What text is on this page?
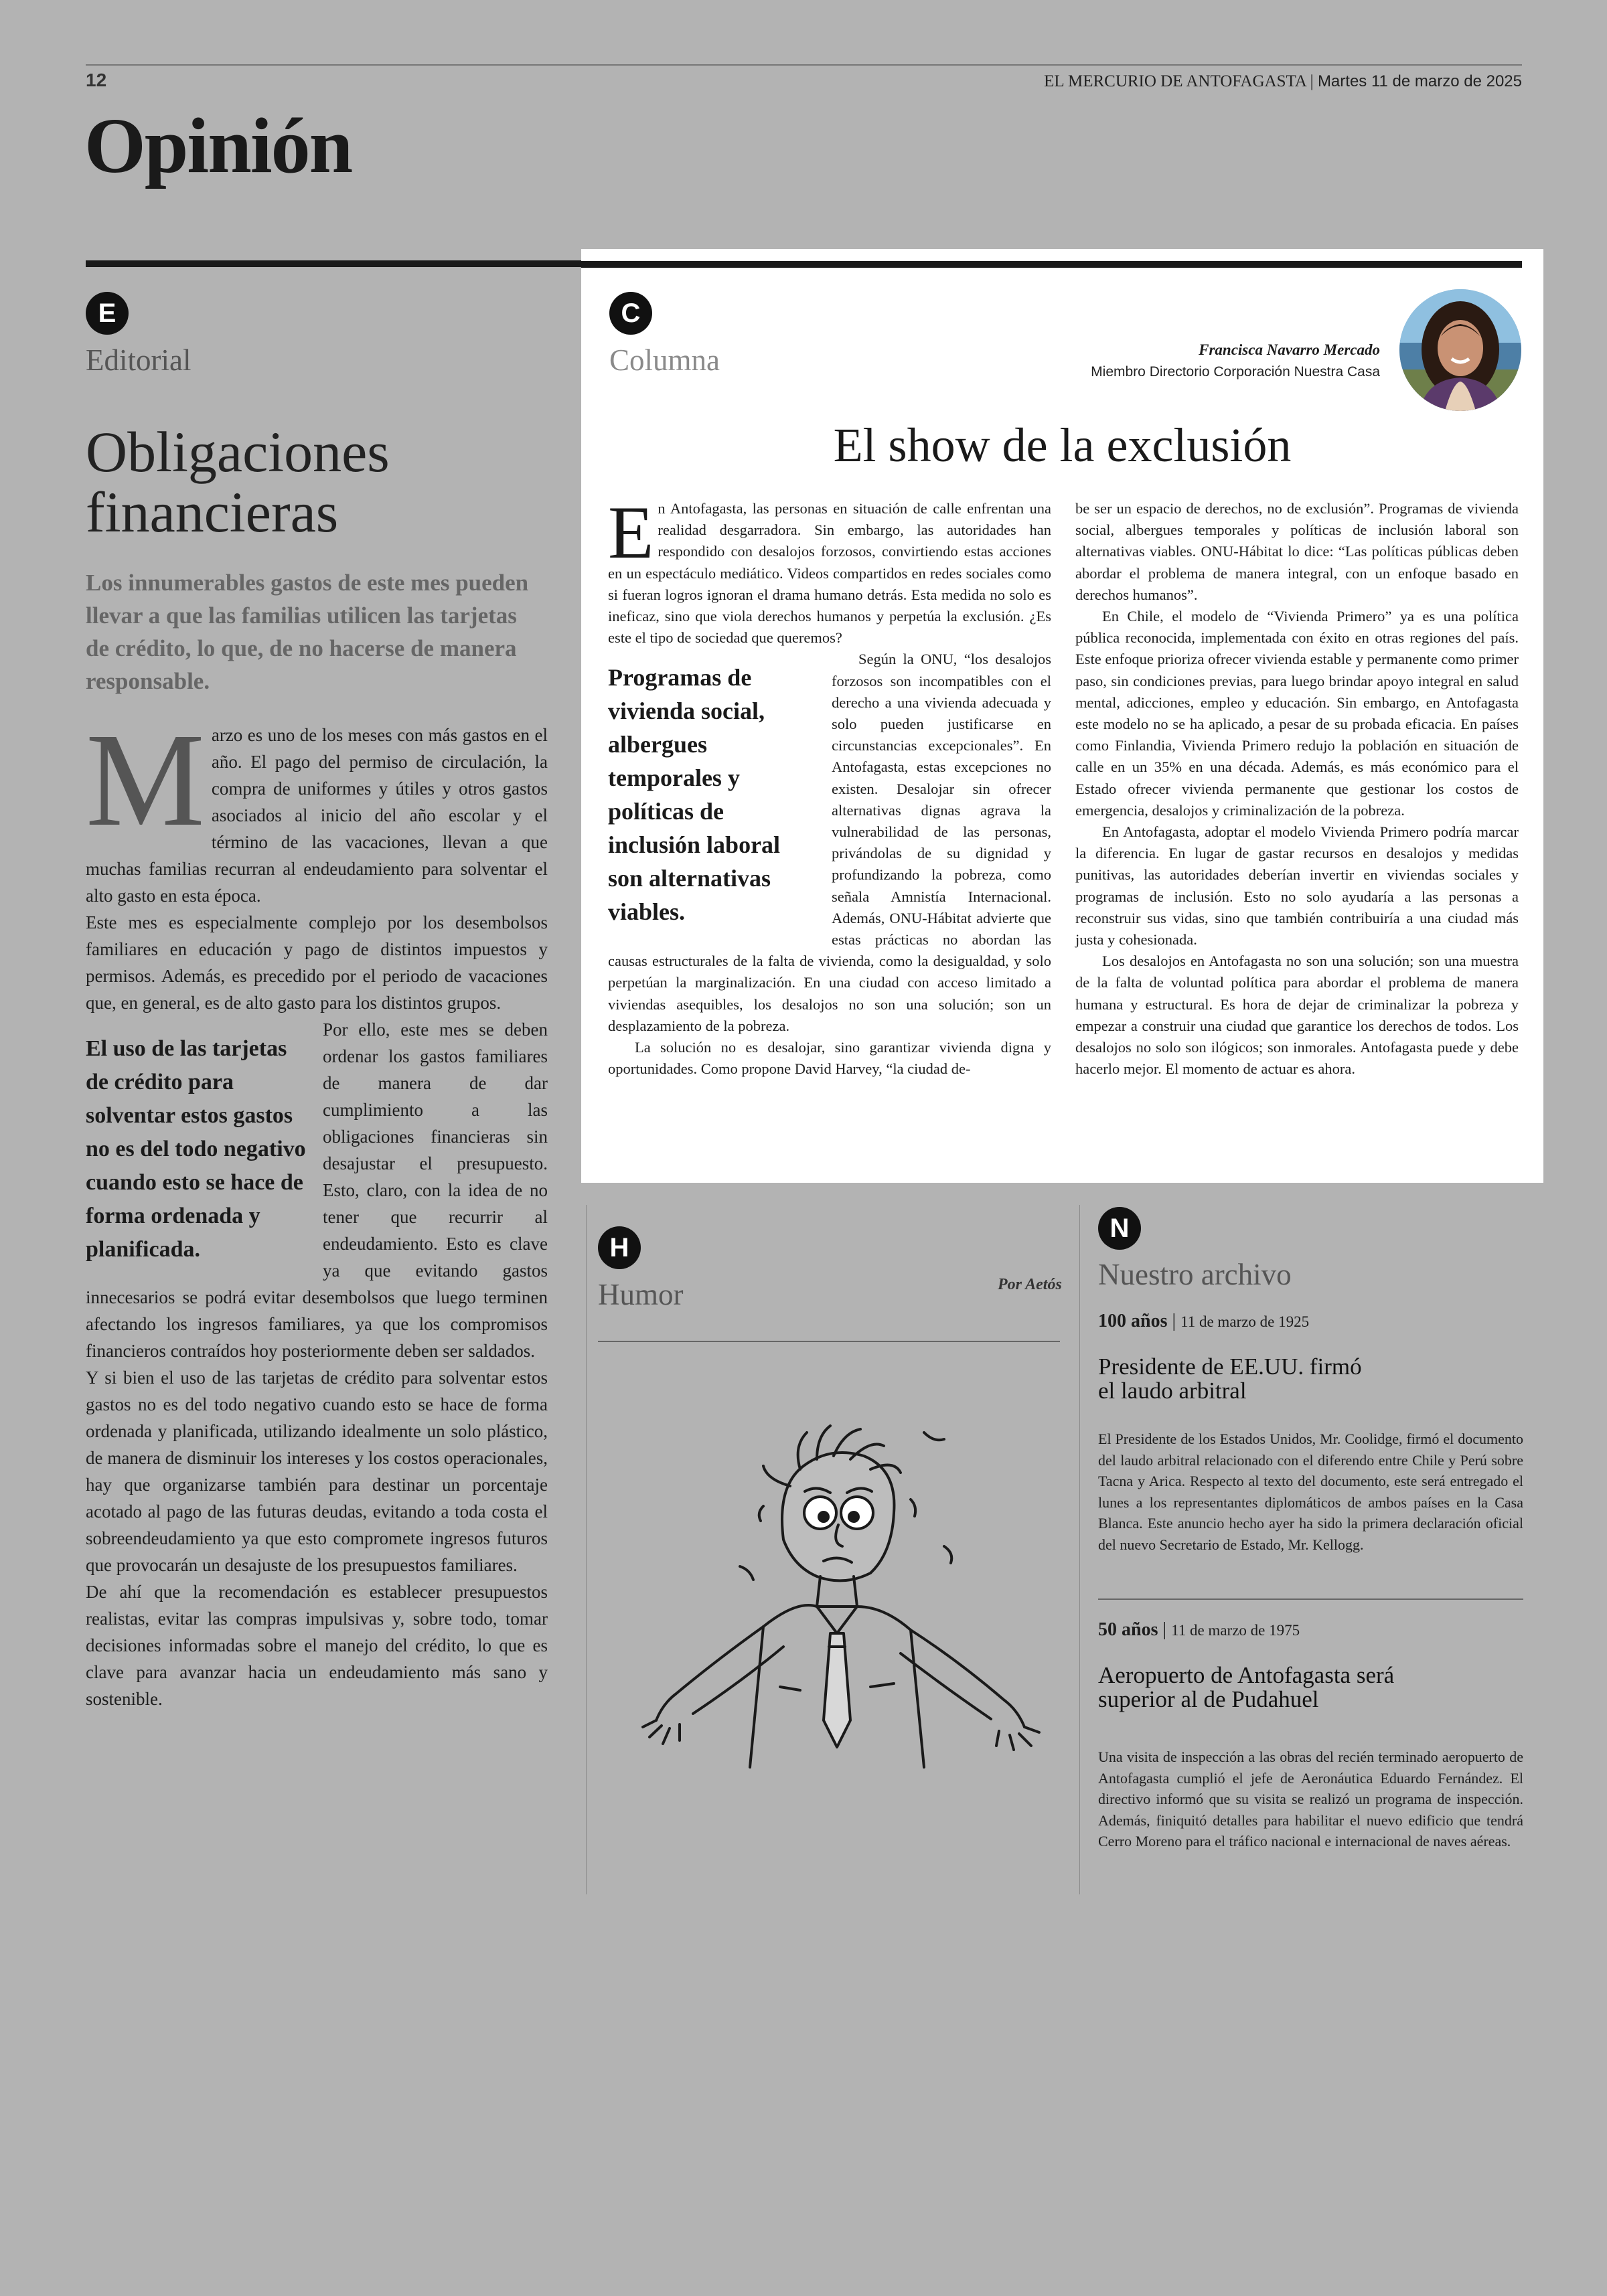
12	EL MERCURIO DE ANTOFAGASTA | Martes 11 de marzo de 2025
Opinión
E
Editorial
Obligaciones financieras
Los innumerables gastos de este mes pueden llevar a que las familias utilicen las tarjetas de crédito, lo que, de no hacerse de manera responsable.
M arzo es uno de los meses con más gastos en el año. El pago del permiso de circulación, la compra de uniformes y útiles y otros gastos asociados al inicio del año escolar y el término de las vacaciones, llevan a que muchas familias recurran al endeudamiento para solventar el alto gasto en esta época.

Este mes es especialmente complejo por los desembolsos familiares en educación y pago de distintos impuestos y permisos. Además, es precedido por el periodo de vacaciones que, en general, es de alto gasto para los distintos grupos.

El uso de las tarjetas de crédito para solventar estos gastos no es del todo negativo cuando esto se hace de forma ordenada y planificada.

Por ello, este mes se deben ordenar los gastos familiares de manera de dar cumplimiento a las obligaciones financieras sin desajustar el presupuesto. Esto, claro, con la idea de no tener que recurrir al endeudamiento. Esto es clave ya que evitando gastos innecesarios se podrá evitar desembolsos que luego terminen afectando los ingresos familiares, ya que los compromisos financieros contraídos hoy posteriormente deben ser saldados.

Y si bien el uso de las tarjetas de crédito para solventar estos gastos no es del todo negativo cuando esto se hace de forma ordenada y planificada, utilizando idealmente un solo plástico, de manera de disminuir los intereses y los costos operacionales, hay que organizarse también para destinar un porcentaje acotado al pago de las futuras deudas, evitando a toda costa el sobreendeudamiento ya que esto compromete ingresos futuros que provocarán un desajuste de los presupuestos familiares.

De ahí que la recomendación es establecer presupuestos realistas, evitar las compras impulsivas y, sobre todo, tomar decisiones informadas sobre el manejo del crédito, lo que es clave para avanzar hacia un endeudamiento más sano y sostenible.

C
Columna	Francisca Navarro Mercado
Miembro Directorio Corporación Nuestra Casa
El show de la exclusión
E n Antofagasta, las personas en situación de calle enfrentan una realidad desgarradora. Sin embargo, las autoridades han respondido con desalojos forzosos, convirtiendo estas acciones en un espectáculo mediático. Videos compartidos en redes sociales como si fueran logros ignoran el drama humano detrás. Esta medida no solo es ineficaz, sino que viola derechos humanos y perpetúa la exclusión. ¿Es este el tipo de sociedad que queremos?

Programas de vivienda social, albergues temporales y políticas de inclusión laboral son alternativas viables.

Según la ONU, “los desalojos forzosos son incompatibles con el derecho a una vivienda adecuada y solo pueden justificarse en circunstancias excepcionales”. En Antofagasta, estas excepciones no existen. Desalojar sin ofrecer alternativas dignas agrava la vulnerabilidad de las personas, privándolas de su dignidad y profundizando la pobreza, como señala Amnistía Internacional. Además, ONU-Hábitat advierte que estas prácticas no abordan las causas estructurales de la falta de vivienda, como la desigualdad, y solo perpetúan la marginalización. En una ciudad con acceso limitado a viviendas asequibles, los desalojos no son una solución; son un desplazamiento de la pobreza.

La solución no es desalojar, sino garantizar vivienda digna y oportunidades. Como propone David Harvey, “la ciudad de-

be ser un espacio de derechos, no de exclusión”. Programas de vivienda social, albergues temporales y políticas de inclusión laboral son alternativas viables. ONU-Hábitat lo dice: “Las políticas públicas deben abordar el problema de manera integral, con un enfoque basado en derechos humanos”.

En Chile, el modelo de “Vivienda Primero” ya es una política pública reconocida, implementada con éxito en otras regiones del país. Este enfoque prioriza ofrecer vivienda estable y permanente como primer paso, sin condiciones previas, para luego brindar apoyo integral en salud mental, adicciones, empleo y educación. Sin embargo, en Antofagasta este modelo no se ha aplicado, a pesar de su probada eficacia. En países como Finlandia, Vivienda Primero redujo la población en situación de calle en un 35% en una década. Además, es más económico para el Estado ofrecer vivienda permanente que gestionar los costos de emergencia, desalojos y criminalización de la pobreza.

En Antofagasta, adoptar el modelo Vivienda Primero podría marcar la diferencia. En lugar de gastar recursos en desalojos y medidas punitivas, las autoridades deberían invertir en viviendas sociales y programas de inclusión. Esto no solo ayudaría a las personas a reconstruir sus vidas, sino que también contribuiría a una ciudad más justa y cohesionada.

Los desalojos en Antofagasta no son una solución; son una muestra de la falta de voluntad política para abordar el problema de manera humana y estructural. Es hora de dejar de criminalizar la pobreza y empezar a construir una ciudad que garantice los derechos de todos. Los desalojos no solo son ilógicos; son inmorales. Antofagasta puede y debe hacerlo mejor. El momento de actuar es ahora.

H
Humor	Por Aetós
N
Nuestro archivo
100 años | 11 de marzo de 1925
Presidente de EE.UU. firmó el laudo arbitral
El Presidente de los Estados Unidos, Mr. Coolidge, firmó el documento del laudo arbitral relacionado con el diferendo entre Chile y Perú sobre Tacna y Arica. Respecto al texto del documento, este será entregado el lunes a los representantes diplomáticos de ambos países en la Casa Blanca. Este anuncio hecho ayer ha sido la primera declaración oficial del nuevo Secretario de Estado, Mr. Kellogg.
50 años | 11 de marzo de 1975
Aeropuerto de Antofagasta será superior al de Pudahuel
Una visita de inspección a las obras del recién terminado aeropuerto de Antofagasta cumplió el jefe de Aeronáutica Eduardo Fernández. El directivo informó que su visita se realizó un programa de inspección. Además, finiquitó detalles para habilitar el nuevo edificio que tendrá Cerro Moreno para el tráfico nacional e internacional de naves aéreas.
